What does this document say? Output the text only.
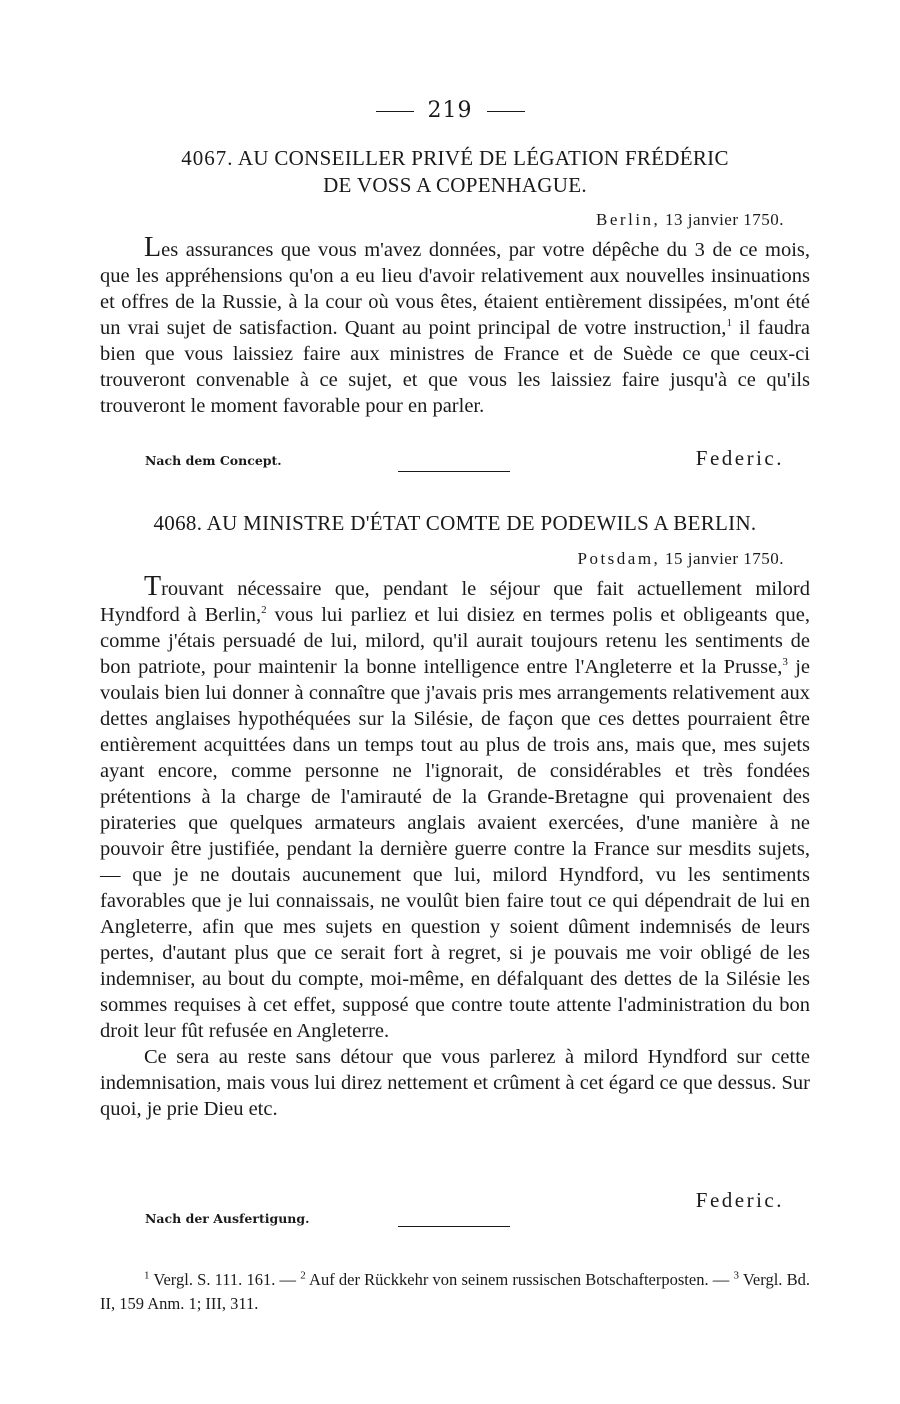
219
4067. AU CONSEILLER PRIVÉ DE LÉGATION FRÉDÉRIC
DE VOSS A COPENHAGUE.
Berlin, 13 janvier 1750.

Les assurances que vous m'avez données, par votre dépêche du 3 de ce mois, que les appréhensions qu'on a eu lieu d'avoir relativement aux nouvelles insinuations et offres de la Russie, à la cour où vous êtes, étaient entièrement dissipées, m'ont été un vrai sujet de satisfaction. Quant au point principal de votre instruction,$^1$ il faudra bien que vous laissiez faire aux ministres de France et de Suède ce que ceux-ci trouveront convenable à ce sujet, et que vous les laissiez faire jusqu'à ce qu'ils trouveront le moment favorable pour en parler.

Nach dem Concept.	Federic.
4068. AU MINISTRE D'ÉTAT COMTE DE PODEWILS A BERLIN.
Potsdam, 15 janvier 1750.

Trouvant nécessaire que, pendant le séjour que fait actuellement milord Hyndford à Berlin,$^2$ vous lui parliez et lui disiez en termes polis et obligeants que, comme j'étais persuadé de lui, milord, qu'il aurait toujours retenu les sentiments de bon patriote, pour maintenir la bonne intelligence entre l'Angleterre et la Prusse,$^3$ je voulais bien lui donner à connaître que j'avais pris mes arrangements relativement aux dettes anglaises hypothéquées sur la Silésie, de façon que ces dettes pourraient être entièrement acquittées dans un temps tout au plus de trois ans, mais que, mes sujets ayant encore, comme personne ne l'ignorait, de considérables et très fondées prétentions à la charge de l'amirauté de la Grande-Bretagne qui provenaient des pirateries que quelques armateurs anglais avaient exercées, d'une manière à ne pouvoir être justifiée, pendant la dernière guerre contre la France sur mesdits sujets, — que je ne doutais aucunement que lui, milord Hyndford, vu les sentiments favorables que je lui connaissais, ne voulût bien faire tout ce qui dépendrait de lui en Angleterre, afin que mes sujets en question y soient dûment indemnisés de leurs pertes, d'autant plus que ce serait fort à regret, si je pouvais me voir obligé de les indemniser, au bout du compte, moi-même, en défalquant des dettes de la Silésie les sommes requises à cet effet, supposé que contre toute attente l'administration du bon droit leur fût refusée en Angleterre.

Ce sera au reste sans détour que vous parlerez à milord Hyndford sur cette indemnisation, mais vous lui direz nettement et crûment à cet égard ce que dessus. Sur quoi, je prie Dieu etc.

Federic.
Nach der Ausfertigung.

$^1$ Vergl. S. 111. 161. — $^2$ Auf der Rückkehr von seinem russischen Botschafterposten. — $^3$ Vergl. Bd. II, 159 Anm. 1; III, 311.
